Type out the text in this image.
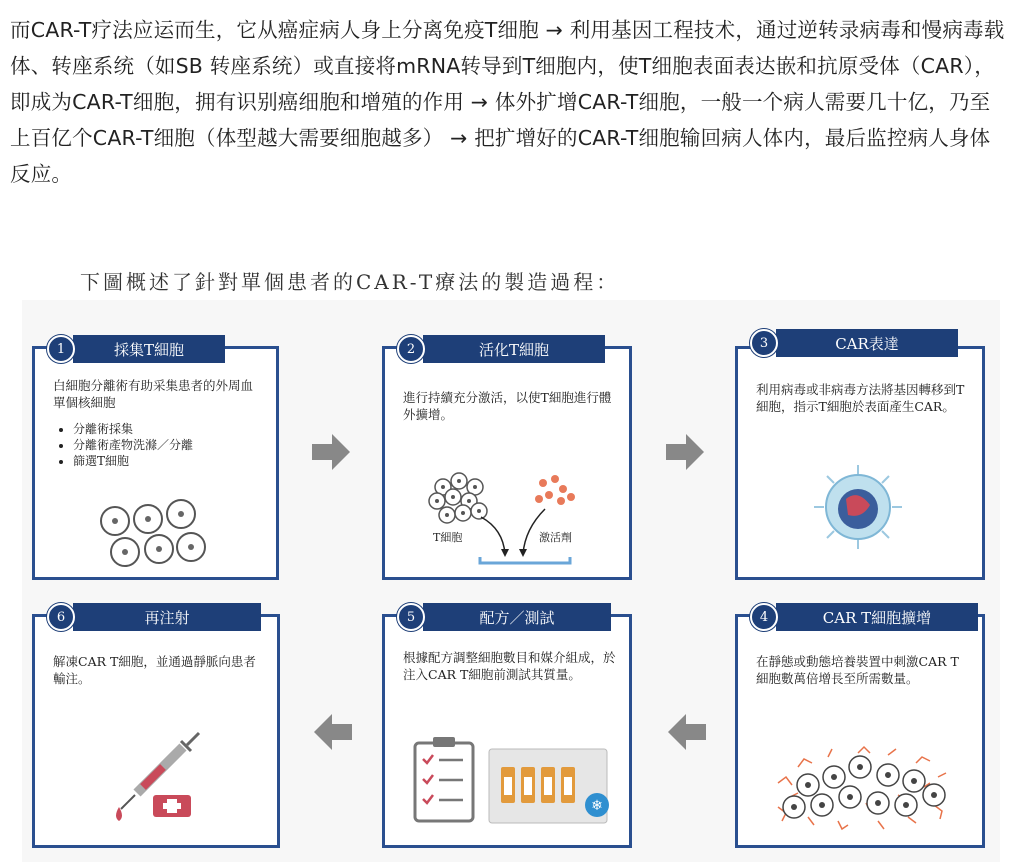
而CAR-T疗法应运而生，它从癌症病人身上分离免疫T细胞 → 利用基因工程技术，通过逆转录病毒和慢病毒载体、转座系统（如SB 转座系统）或直接将mRNA转导到T细胞内，使T细胞表面表达嵌和抗原受体（CAR），即成为CAR-T细胞，拥有识别癌细胞和增殖的作用 → 体外扩增CAR-T细胞，一般一个病人需要几十亿，乃至上百亿个CAR-T细胞（体型越大需要细胞越多） → 把扩增好的CAR-T细胞输回病人体内，最后监控病人身体反应。
下圖概述了針對單個患者的CAR-T療法的製造過程：
1	採集T細胞
白細胞分離術有助采集患者的外周血單個核細胞
• 分離術採集
• 分離術產物洗滌／分離
• 篩選T細胞
2	活化T細胞
進行持續充分激活，以使T細胞進行體外擴增。
T細胞	激活劑
3	CAR表達
利用病毒或非病毒方法將基因轉移到T細胞，指示T細胞於表面產生CAR。
6	再注射
解凍CAR T細胞，並通過靜脈向患者輸注。
5	配方／測試
根據配方調整細胞數目和媒介組成，於注入CAR T細胞前測試其質量。
❄
4	CAR T細胞擴增
在靜態或動態培養裝置中刺激CAR T細胞數萬倍增長至所需數量。
